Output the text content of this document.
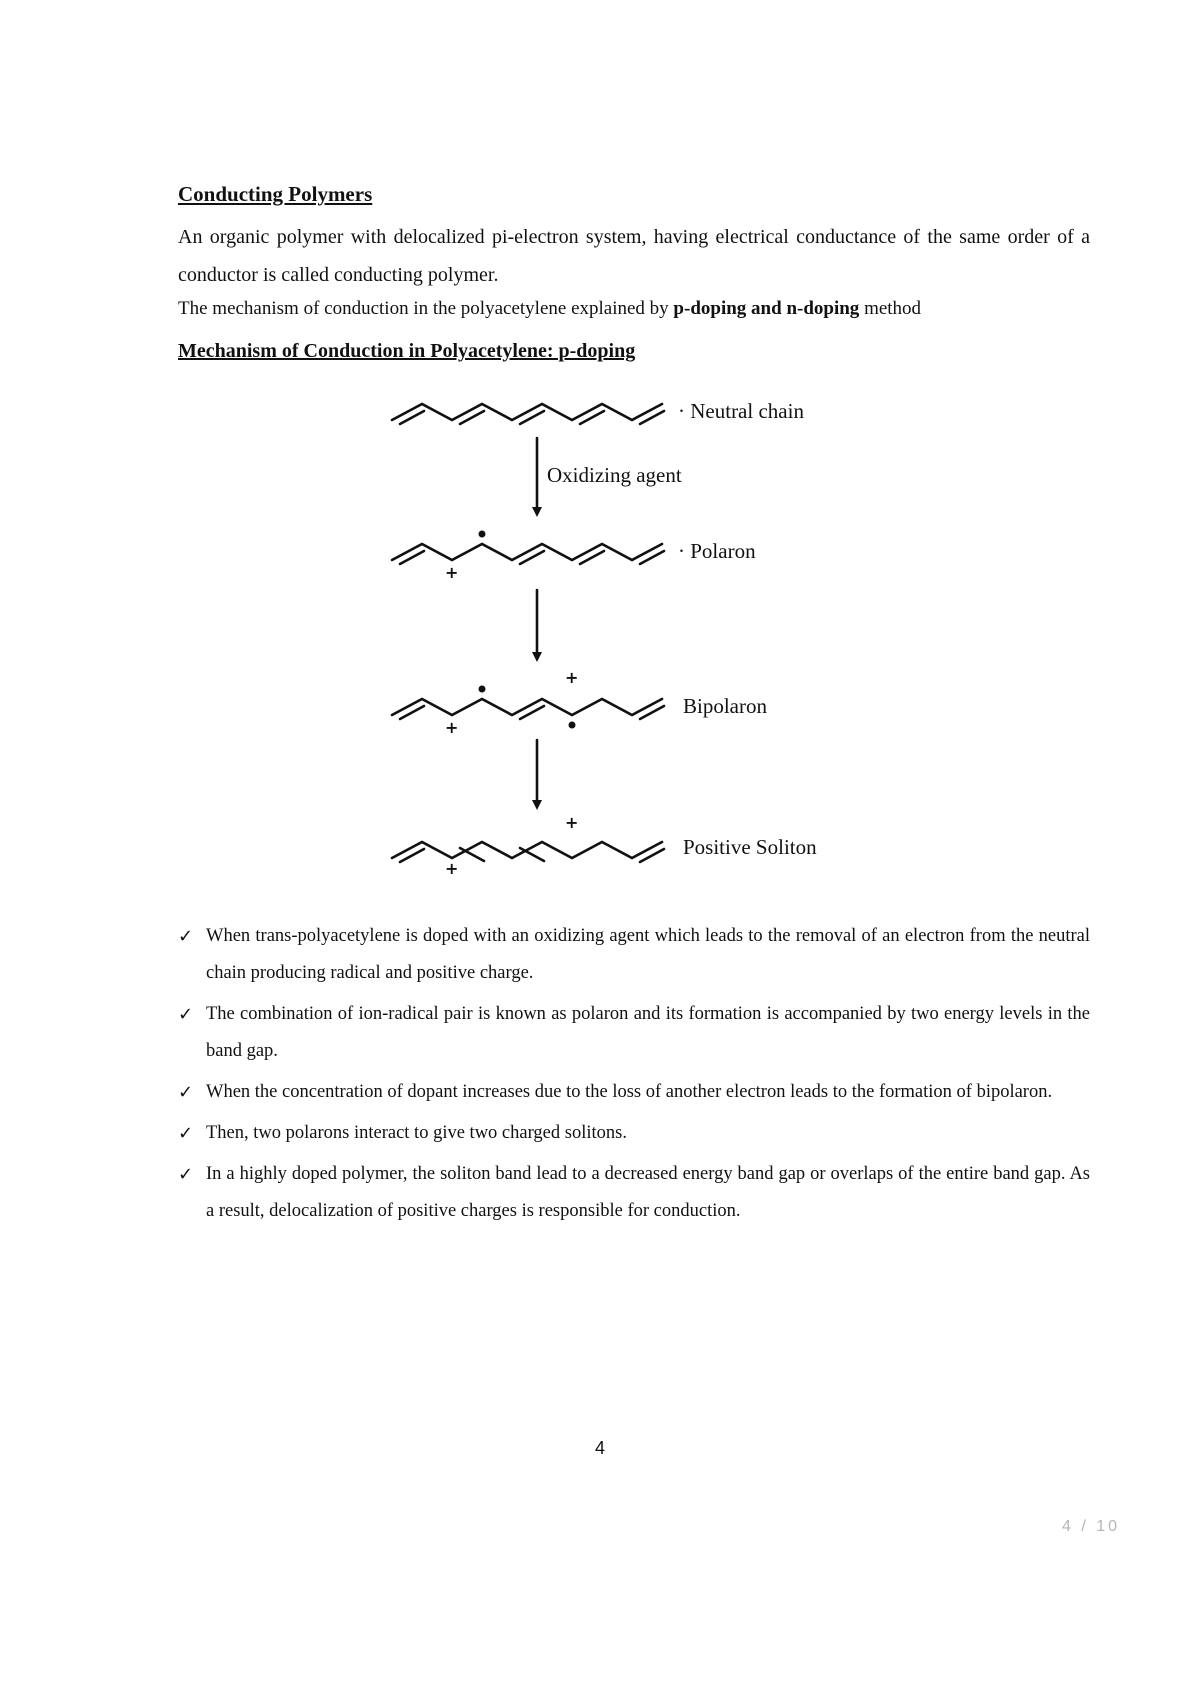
Conducting Polymers
An organic polymer with delocalized pi-electron system, having electrical conductance of the same order of a conductor is called conducting polymer.
The mechanism of conduction in the polyacetylene explained by p-doping and n-doping method
Mechanism of Conduction in Polyacetylene: p-doping
+
+
+
+
+
Oxidizing agent
· Neutral chain
· Polaron
Bipolaron
Positive Soliton
✓ When trans-polyacetylene is doped with an oxidizing agent which leads to the removal of an electron from the neutral chain producing radical and positive charge.
✓ The combination of ion-radical pair is known as polaron and its formation is accompanied by two energy levels in the band gap.
✓ When the concentration of dopant increases due to the loss of another electron leads to the formation of bipolaron.
✓ Then, two polarons interact to give two charged solitons.
✓ In a highly doped polymer, the soliton band lead to a decreased energy band gap or overlaps of the entire band gap. As a result, delocalization of positive charges is responsible for conduction.
4
4 / 10
